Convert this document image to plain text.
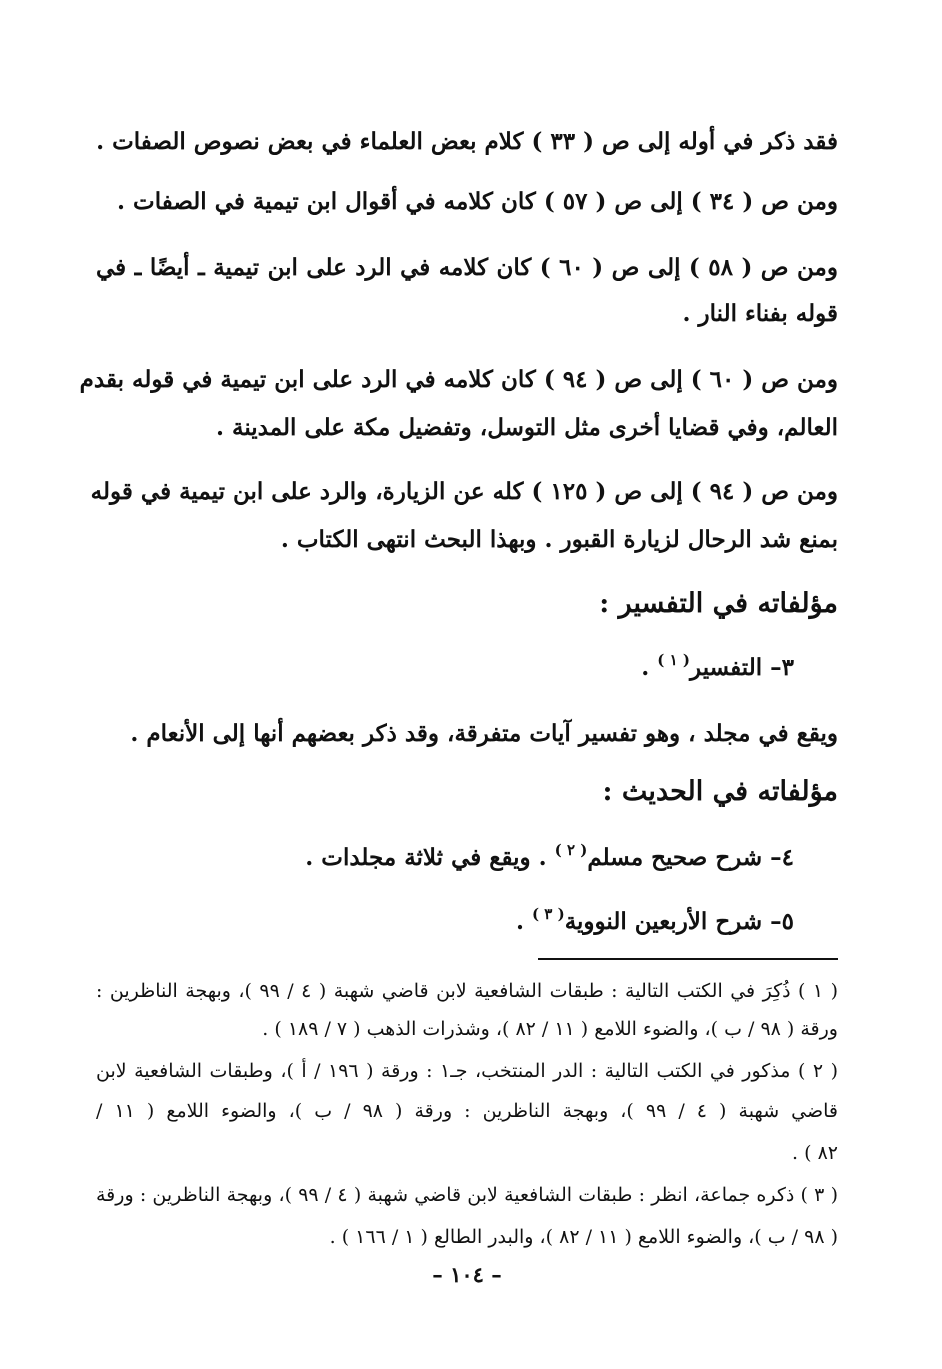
فقد ذكر في أوله إلى ص ( ٣٣ ) كلام بعض العلماء في بعض نصوص الصفات .
ومن ص ( ٣٤ ) إلى ص ( ٥٧ ) كان كلامه في أقوال ابن تيمية في الصفات .
ومن ص ( ٥٨ ) إلى ص ( ٦٠ ) كان كلامه في الرد على ابن تيمية ـ أيضًا ـ في
قوله بفناء النار .
ومن ص ( ٦٠ ) إلى ص ( ٩٤ ) كان كلامه في الرد على ابن تيمية في قوله بقدم
العالم، وفي قضايا أخرى مثل التوسل، وتفضيل مكة على المدينة .
ومن ص ( ٩٤ ) إلى ص ( ١٢٥ ) كله عن الزيارة، والرد على ابن تيمية في قوله
بمنع شد الرحال لزيارة القبور . وبهذا البحث انتهى الكتاب .
مؤلفاته في التفسير :
٣– التفسير$^{( ١ )}$ .
ويقع في مجلد ، وهو تفسير آيات متفرقة، وقد ذكر بعضهم أنها إلى الأنعام .
مؤلفاته في الحديث :
٤– شرح صحيح مسلم$^{( ٢ )}$ . ويقع في ثلاثة مجلدات .
٥– شرح الأربعين النووية$^{( ٣ )}$ .
( ١ ) ذُكِرَ في الكتب التالية : طبقات الشافعية لابن قاضي شهبة ( ٤ / ٩٩ )، وبهجة الناظرين :
ورقة ( ٩٨ / ب )، والضوء اللامع ( ١١ / ٨٢ )، وشذرات الذهب ( ٧ / ١٨٩ ) .
( ٢ ) مذكور في الكتب التالية : الدر المنتخب، جـ١ : ورقة ( ١٩٦ / أ )، وطبقات الشافعية لابن
قاضي شهبة ( ٤ / ٩٩ )، وبهجة الناظرين : ورقة ( ٩٨ / ب )، والضوء اللامع ( ١١ /
٨٢ ) .
( ٣ ) ذكره جماعة، انظر : طبقات الشافعية لابن قاضي شهبة ( ٤ / ٩٩ )، وبهجة الناظرين : ورقة
( ٩٨ / ب )، والضوء اللامع ( ١١ / ٨٢ )، والبدر الطالع ( ١ / ١٦٦ ) .
– ١٠٤ –
